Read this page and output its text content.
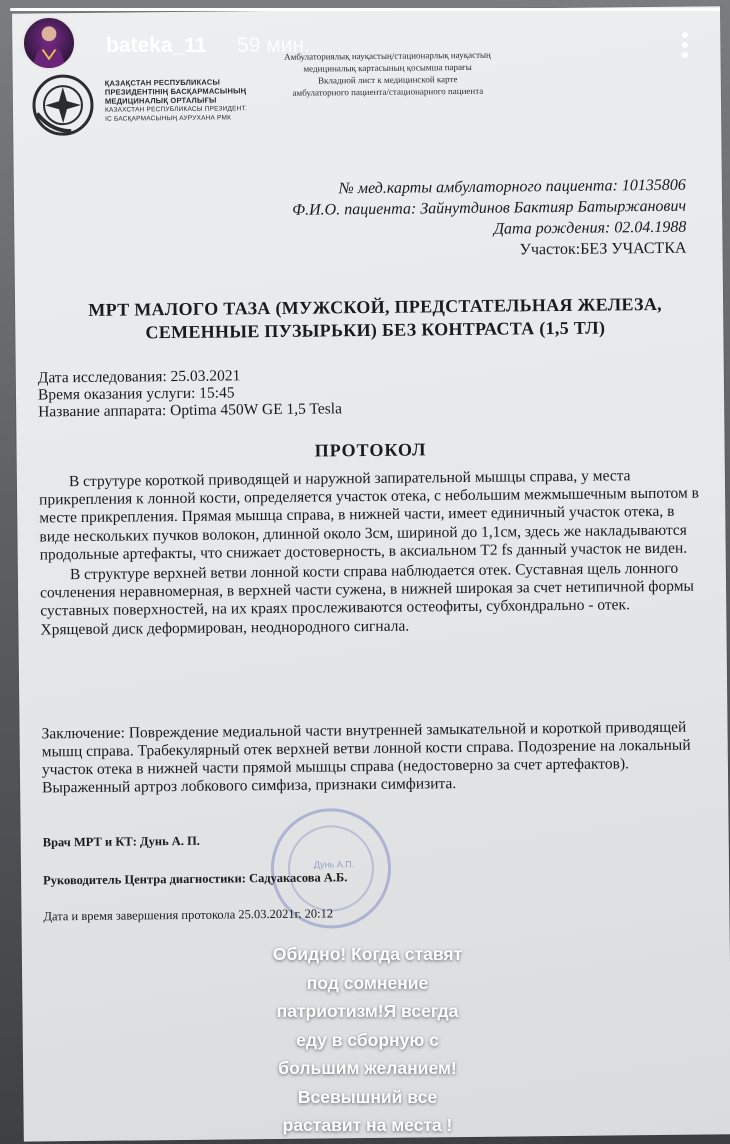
ҚАЗАҚСТАН РЕСПУБЛИКАСЫ
ПРЕЗИДЕНТІНІҢ БАСҚАРМАСЫНЫҢ
МЕДИЦИНАЛЫҚ ОРТАЛЫҒЫ
КАЗАХСТАН РЕСПУБЛИКАСЫ ПРЕЗИДЕНТ.
ІС БАСҚАРМАСЫНЫҢ АУРУХАНА РМК
Амбулаториялық науқастың/стационарлық науқастың
медициналық картасының қосымша парағы
Вкладной лист к медицинской карте
амбулаторного пациента/стационарного пациента
№ мед.карты амбулаторного пациента: 10135806
Ф.И.О. пациента: Зайнутдинов Бактияр Батыржанович
Дата рождения: 02.04.1988
Участок:БЕЗ УЧАСТКА
МРТ МАЛОГО ТАЗА (МУЖСКОЙ, ПРЕДСТАТЕЛЬНАЯ ЖЕЛЕЗА,
СЕМЕННЫЕ ПУЗЫРЬКИ) БЕЗ КОНТРАСТА (1,5 ТЛ)
Дата исследования: 25.03.2021
Время оказания услуги: 15:45
Название аппарата: Optima 450W GE 1,5 Tesla
ПРОТОКОЛ

В струтуре короткой приводящей и наружной запирательной мышцы справа, у места прикрепления к лонной кости, определяется участок отека, с небольшим межмышечным выпотом в месте прикрепления. Прямая мышца справа, в нижней части, имеет единичный участок отека, в виде нескольких пучков волокон, длинной около 3см, шириной до 1,1см, здесь же накладываются продольные артефакты, что снижает достоверность, в аксиальном T2 fs данный участок не виден.

В структуре верхней ветви лонной кости справа наблюдается отек. Суставная щель лонного сочленения неравномерная, в верхней части сужена, в нижней широкая за счет нетипичной формы суставных поверхностей, на их краях прослеживаются остеофиты, субхондрально - отек. Хрящевой диск деформирован, неоднородного сигнала.

Заключение: Повреждение медиальной части внутренней замыкательной и короткой приводящей мышц справа. Трабекулярный отек верхней ветви лонной кости справа. Подозрение на локальный участок отека в нижней части прямой мышцы справа (недостоверно за счет артефактов). Выраженный артроз лобкового симфиза, признаки симфизита.
Дунь А.П.
Врач МРТ и КТ: Дунь А. П.
Руководитель Центра диагностики: Садуакасова А.Б.
Дата и время завершения протокола 25.03.2021г. 20:12
bateka_11 59 мин.
Обидно! Когда ставят
под сомнение
патриотизм!Я всегда
еду в сборную с
большим желанием!
Всевышний все
раставит на места !
